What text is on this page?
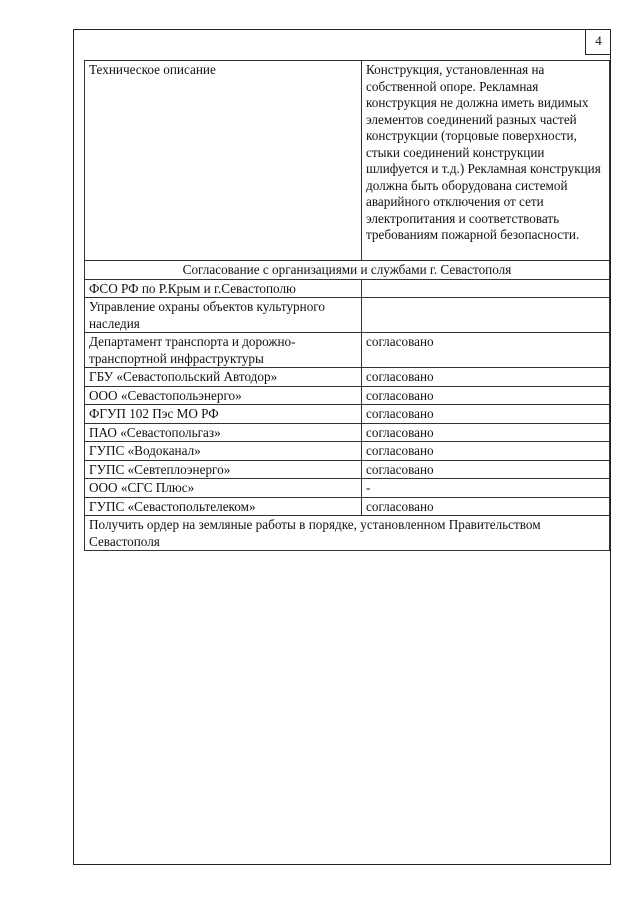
4
Техническое описание	Конструкция, установленная на собственной опоре. Рекламная конструкция не должна иметь видимых элементов соединений разных частей конструкции (торцовые поверхности, стыки соединений конструкции шлифуется и т.д.) Рекламная конструкция должна быть оборудована системой аварийного отключения от сети электропитания и соответствовать требованиям пожарной безопасности.
Согласование с организациями и службами г. Севастополя	
ФСО РФ по Р.Крым и г.Севастополю	
Управление охраны объектов культурного наследия	
Департамент транспорта и дорожно-транспортной инфраструктуры	согласовано
ГБУ «Севастопольский Автодор»	согласовано
ООО «Севастопольэнерго»	согласовано
ФГУП 102 Пэс МО РФ	согласовано
ПАО «Севастопольгаз»	согласовано
ГУПС «Водоканал»	согласовано
ГУПС «Севтеплоэнерго»	согласовано
ООО «СГС Плюс»	-
ГУПС «Севастопольтелеком»	согласовано
Получить ордер на земляные работы в порядке, установленном Правительством Севастополя	
